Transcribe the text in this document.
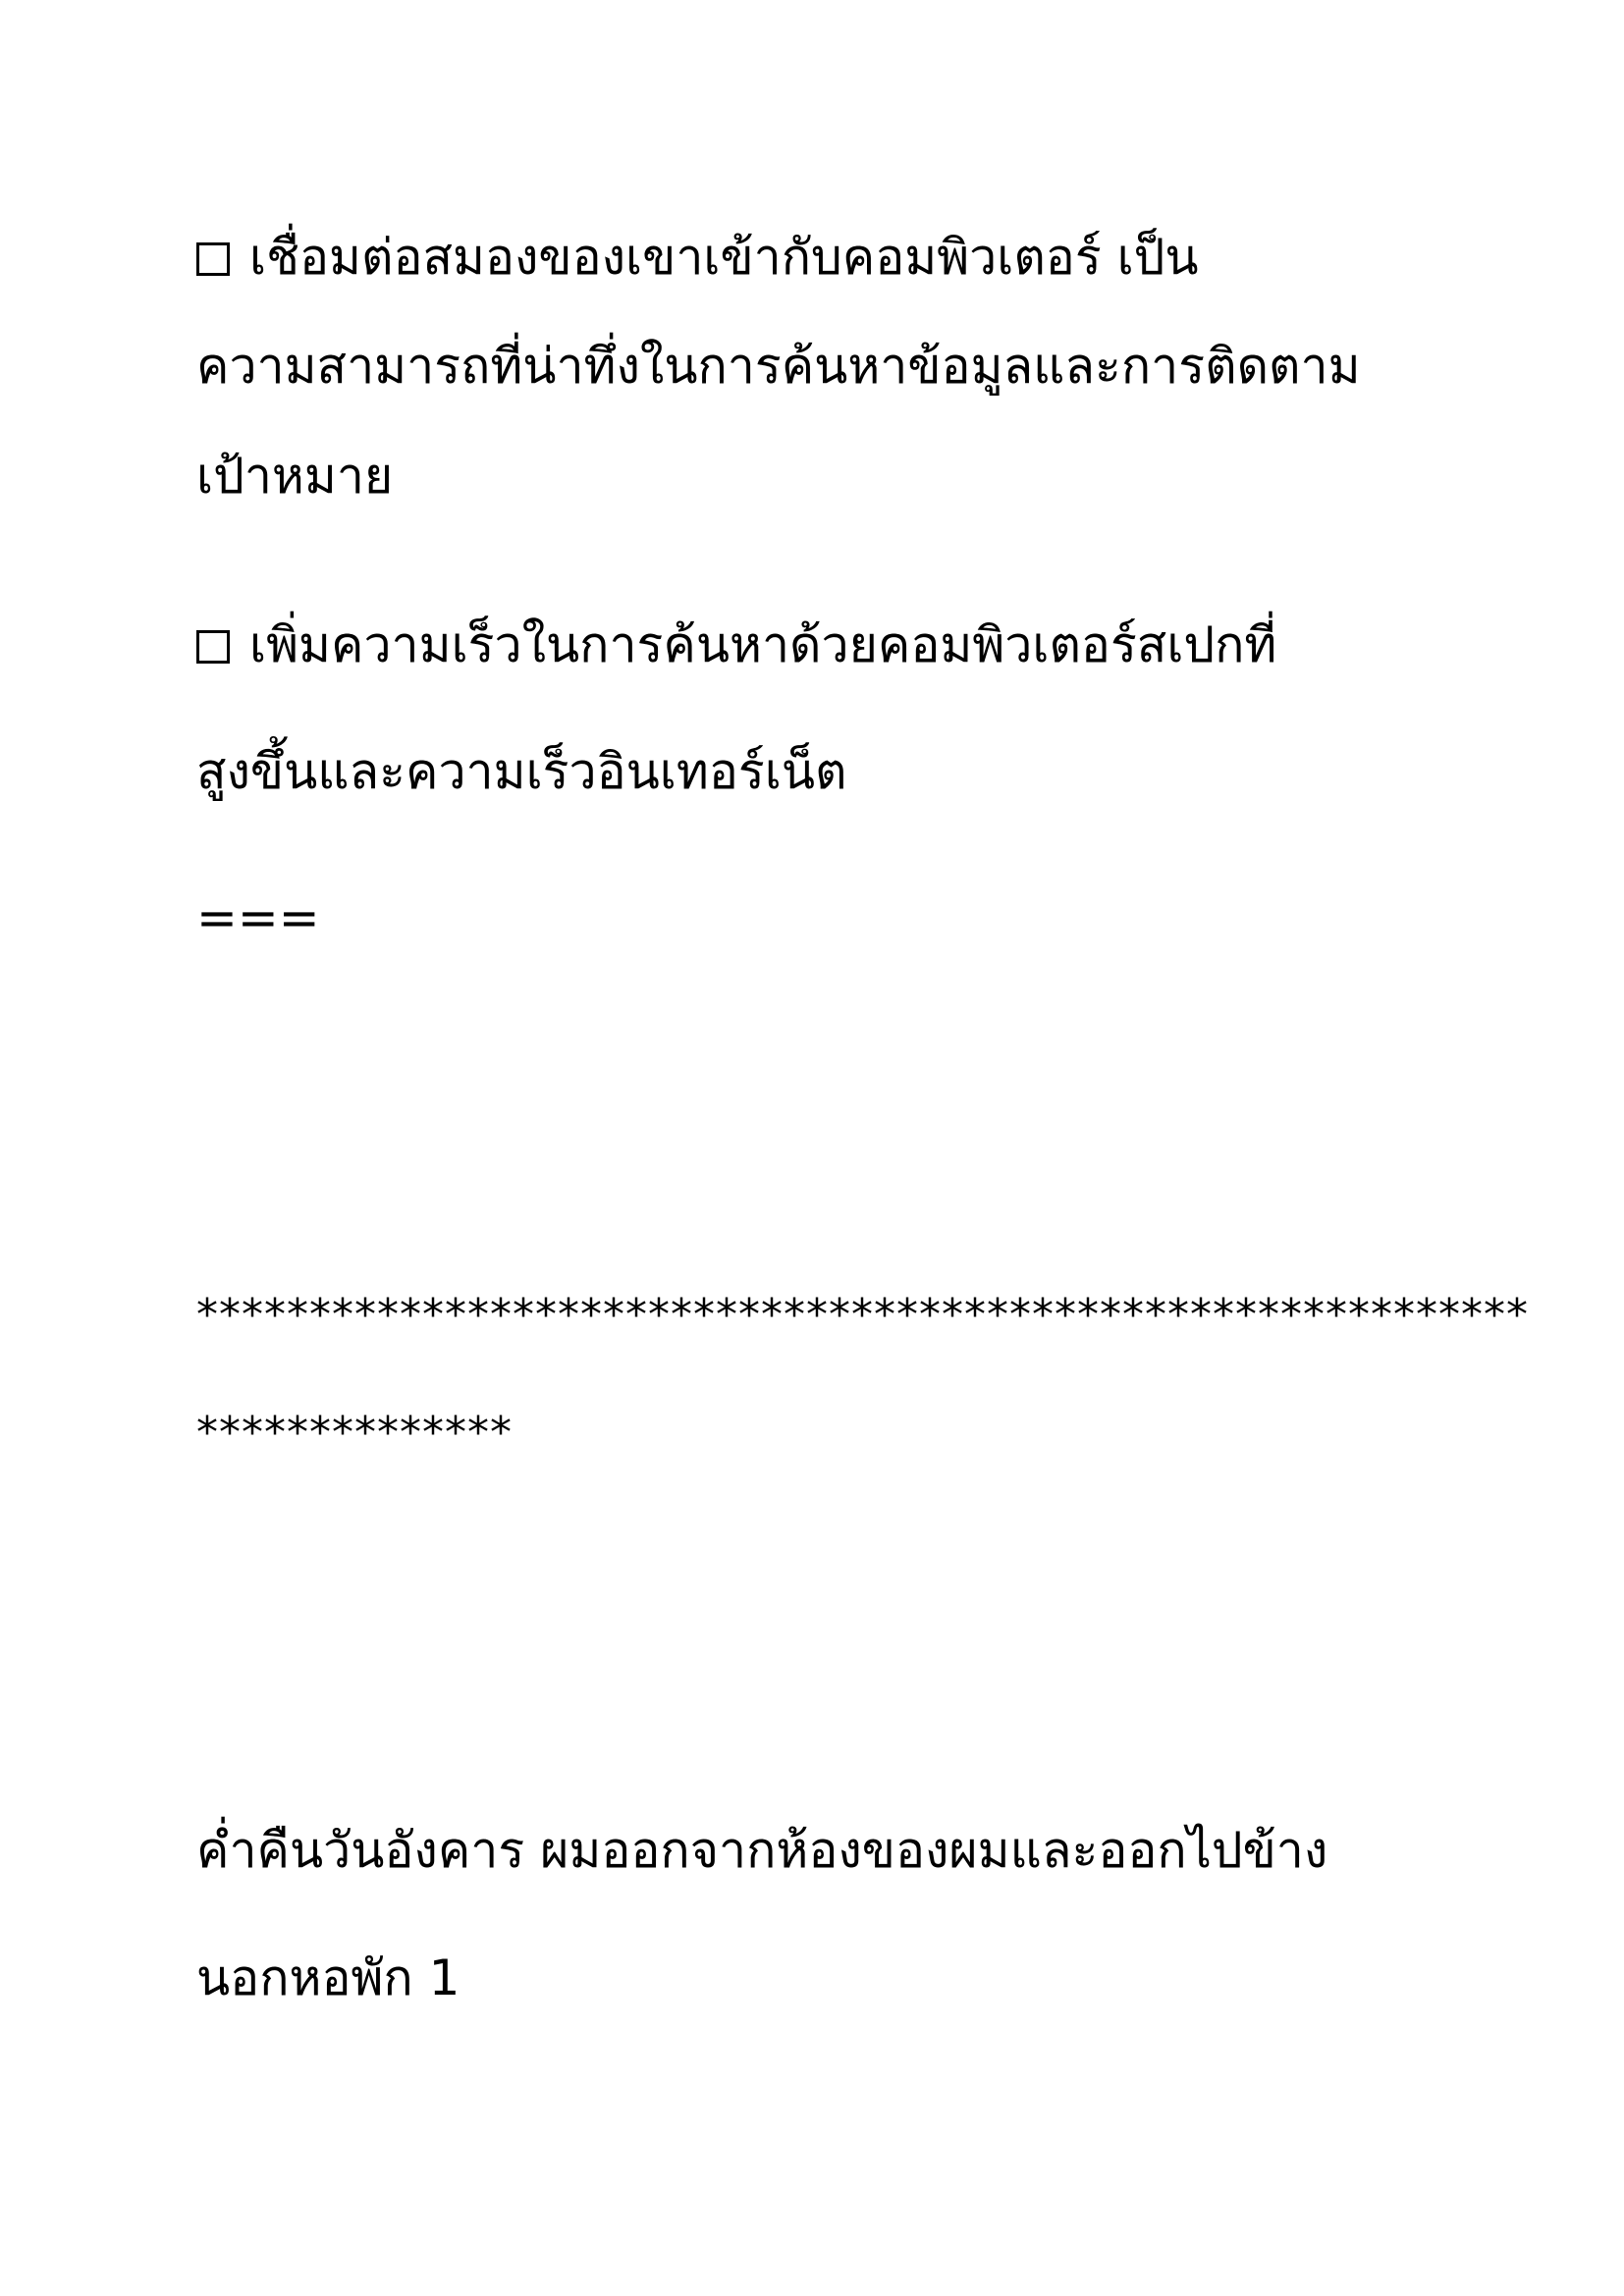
เชื่อมต่อสมองของเขาเข้ากับคอมพิวเตอร์ เป็น

ความสามารถที่น่าทึ่งในการค้นหาข้อมูลและการติดตาม

เป้าหมาย

เพิ่มความเร็วในการค้นหาด้วยคอมพิวเตอร์สเปกที่

สูงขึ้นและความเร็วอินเทอร์เน็ต

===

***********************************************************

**************

ค่ำคืนวันอังคาร ผมออกจากห้องของผมและออกไปข้าง

นอกหอพัก 1
